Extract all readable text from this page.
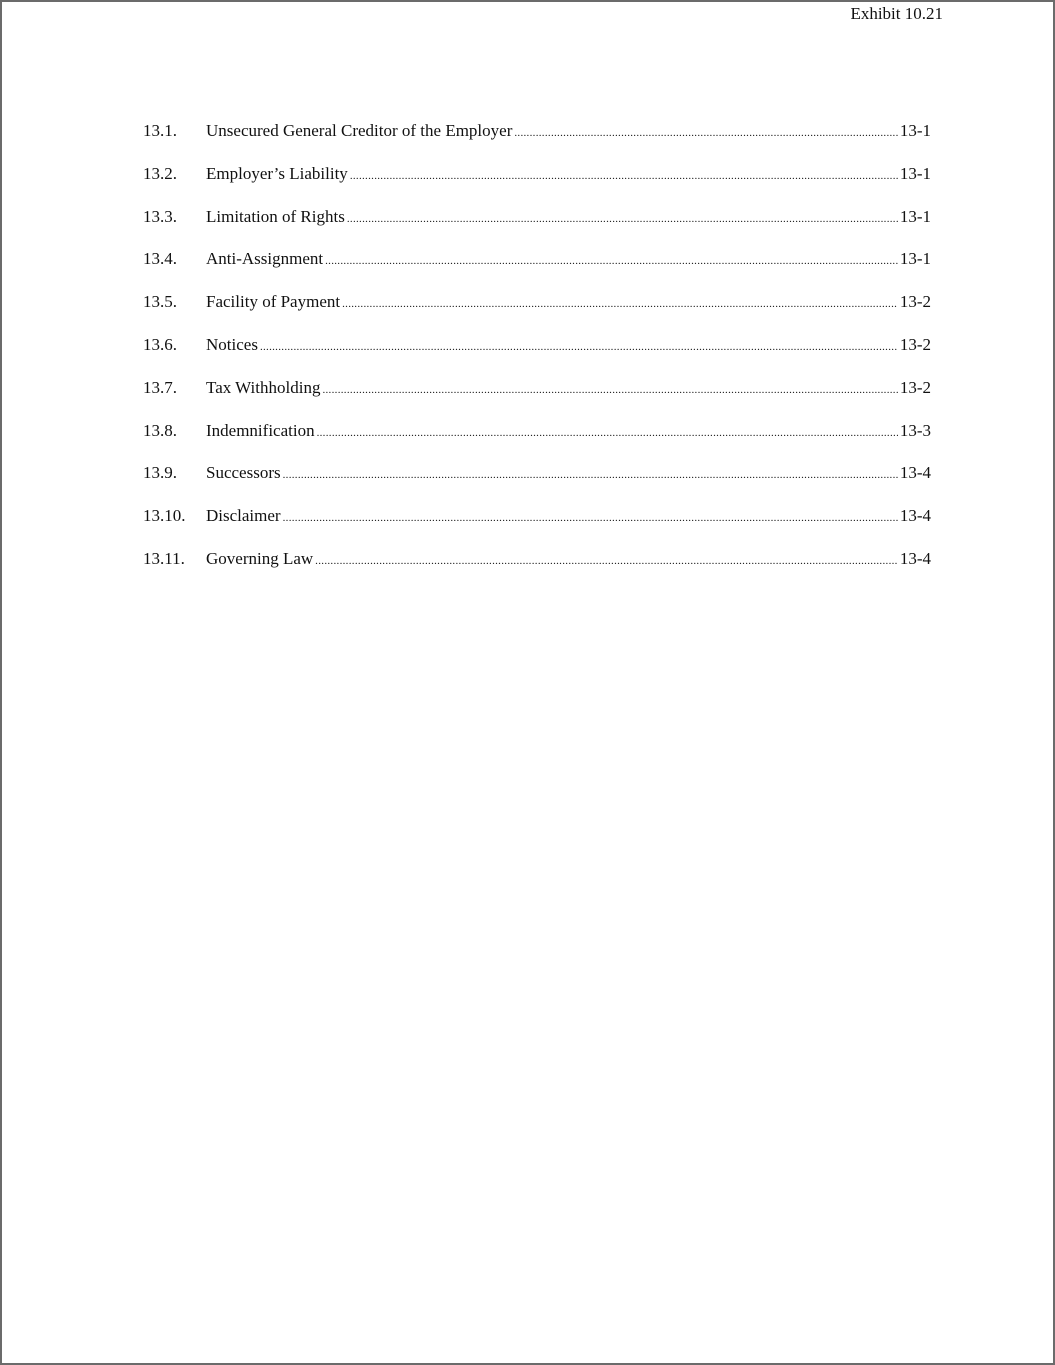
Exhibit 10.21
13.1.	Unsecured General Creditor of the Employer .....	13-1
13.2.	Employer’s Liability .....	13-1
13.3.	Limitation of Rights .....	13-1
13.4.	Anti-Assignment .....	13-1
13.5.	Facility of Payment .....	13-2
13.6.	Notices .....	13-2
13.7.	Tax Withholding .....	13-2
13.8.	Indemnification .....	13-3
13.9.	Successors .....	13-4
13.10.	Disclaimer .....	13-4
13.11.	Governing Law .....	13-4
